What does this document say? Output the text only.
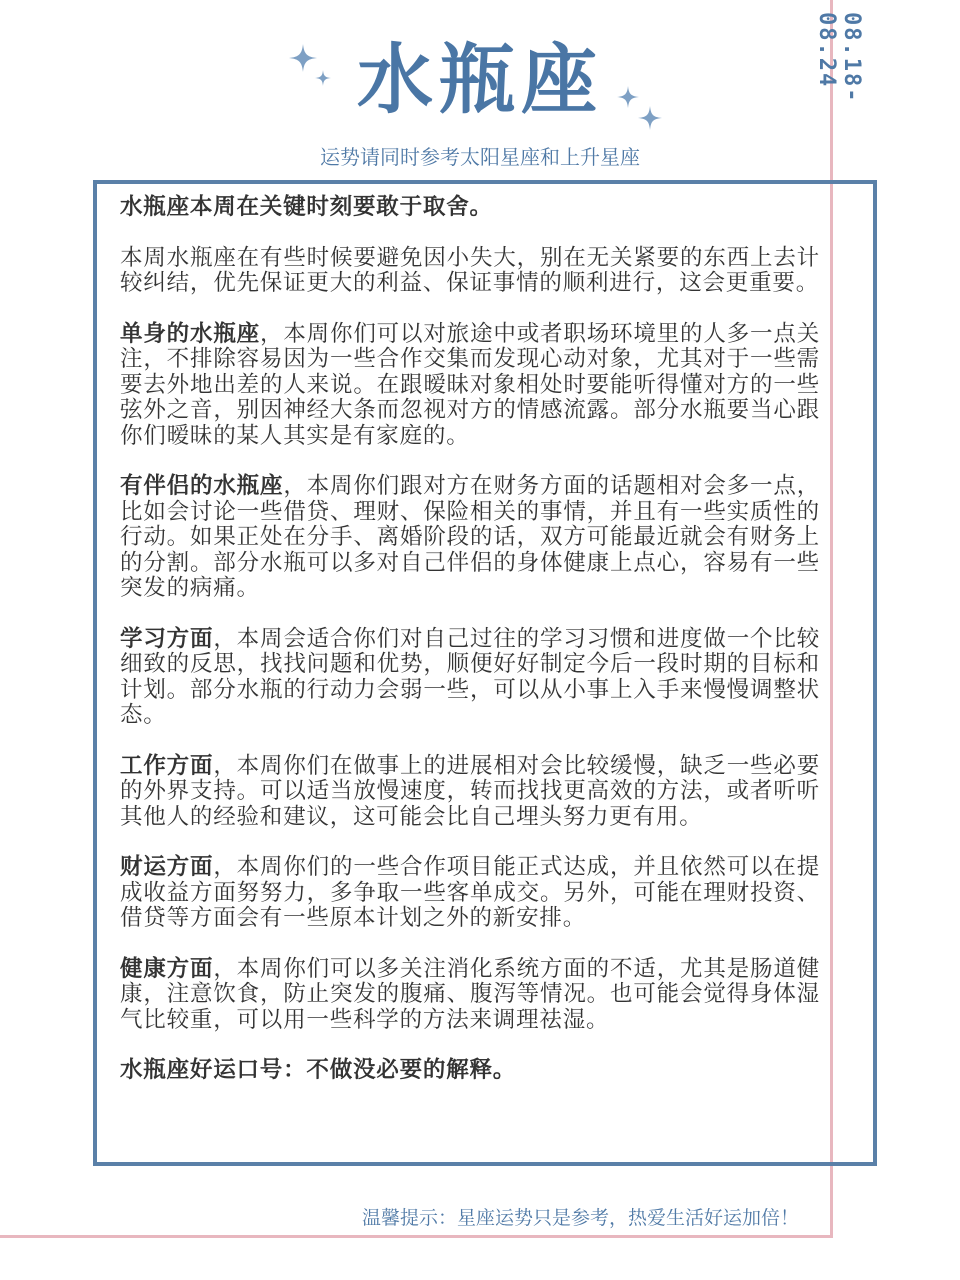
08.18-08.24
水瓶座
运势请同时参考太阳星座和上升星座

水瓶座本周在关键时刻要敢于取舍。

本周水瓶座在有些时候要避免因小失大，别在无关紧要的东西上去计较纠结，优先保证更大的利益、保证事情的顺利进行，这会更重要。

单身的水瓶座，本周你们可以对旅途中或者职场环境里的人多一点关注，不排除容易因为一些合作交集而发现心动对象，尤其对于一些需要去外地出差的人来说。在跟暧昧对象相处时要能听得懂对方的一些弦外之音，别因神经大条而忽视对方的情感流露。部分水瓶要当心跟你们暧昧的某人其实是有家庭的。

有伴侣的水瓶座，本周你们跟对方在财务方面的话题相对会多一点，比如会讨论一些借贷、理财、保险相关的事情，并且有一些实质性的行动。如果正处在分手、离婚阶段的话，双方可能最近就会有财务上的分割。部分水瓶可以多对自己伴侣的身体健康上点心，容易有一些突发的病痛。

学习方面，本周会适合你们对自己过往的学习习惯和进度做一个比较细致的反思，找找问题和优势，顺便好好制定今后一段时期的目标和计划。部分水瓶的行动力会弱一些，可以从小事上入手来慢慢调整状态。

工作方面，本周你们在做事上的进展相对会比较缓慢，缺乏一些必要的外界支持。可以适当放慢速度，转而找找更高效的方法，或者听听其他人的经验和建议，这可能会比自己埋头努力更有用。

财运方面，本周你们的一些合作项目能正式达成，并且依然可以在提成收益方面努努力，多争取一些客单成交。另外，可能在理财投资、借贷等方面会有一些原本计划之外的新安排。

健康方面，本周你们可以多关注消化系统方面的不适，尤其是肠道健康，注意饮食，防止突发的腹痛、腹泻等情况。也可能会觉得身体湿气比较重，可以用一些科学的方法来调理祛湿。

水瓶座好运口号：不做没必要的解释。

温馨提示：星座运势只是参考，热爱生活好运加倍！
